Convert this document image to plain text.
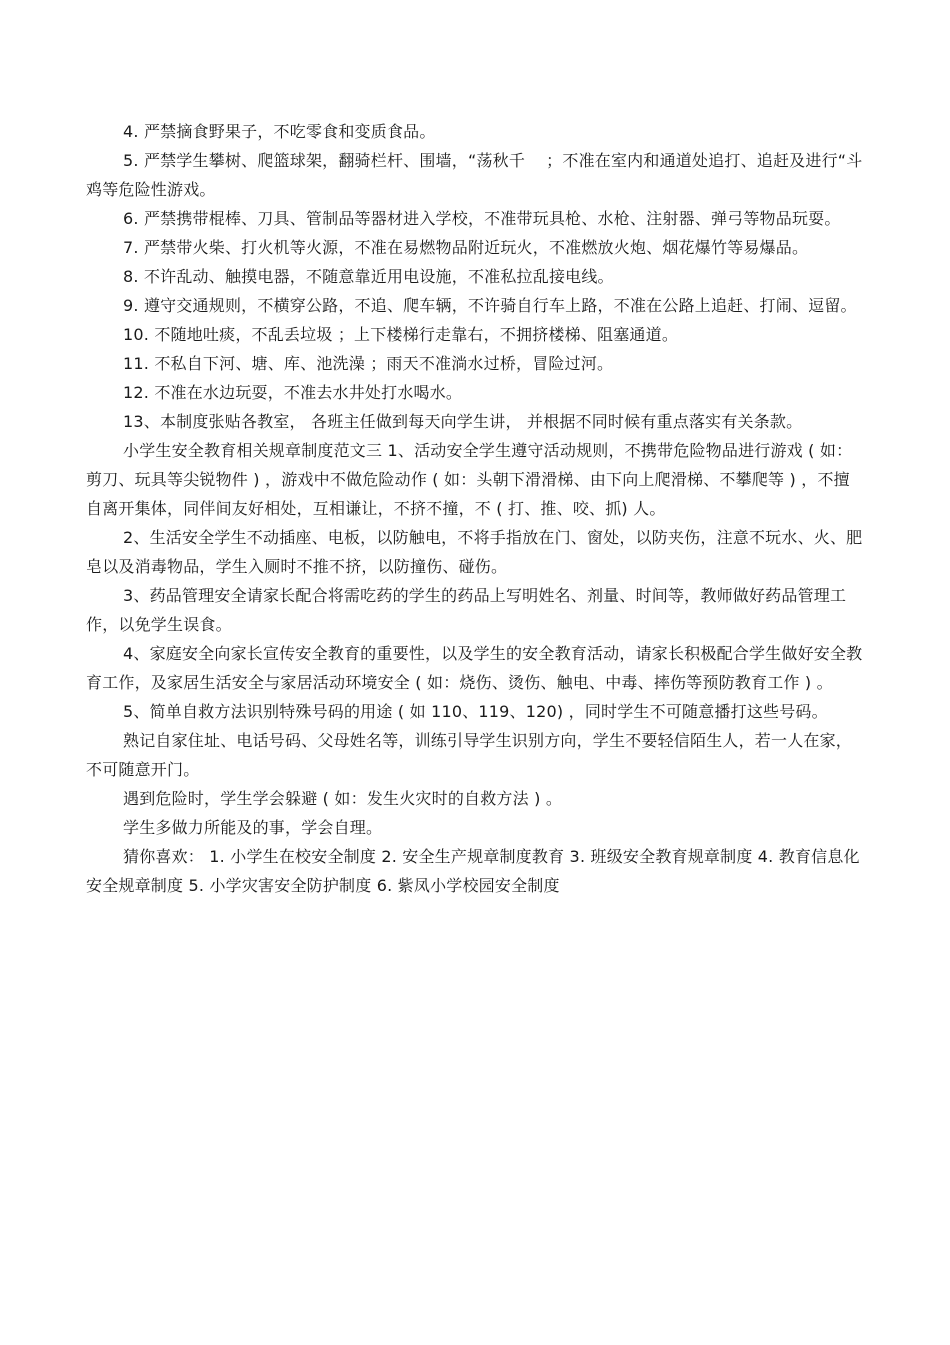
4. 严禁摘食野果子，不吃零食和变质食品。

5. 严禁学生攀树、爬篮球架，翻骑栏杆、围墙，“荡秋千    ；不准在室内和通道处追打、追赶及进行“斗鸡等危险性游戏。

6. 严禁携带棍棒、刀具、管制品等器材进入学校，不准带玩具枪、水枪、注射器、弹弓等物品玩耍。

7. 严禁带火柴、打火机等火源，不准在易燃物品附近玩火，不准燃放火炮、烟花爆竹等易爆品。

8. 不许乱动、触摸电器，不随意靠近用电设施，不准私拉乱接电线。

9. 遵守交通规则，不横穿公路，不追、爬车辆，不许骑自行车上路，不准在公路上追赶、打闹、逗留。

10. 不随地吐痰，不乱丢垃圾 ；上下楼梯行走靠右，不拥挤楼梯、阻塞通道。

11. 不私自下河、塘、库、池洗澡 ；雨天不准淌水过桥，冒险过河。

12. 不准在水边玩耍，不准去水井处打水喝水。

13、本制度张贴各教室， 各班主任做到每天向学生讲， 并根据不同时候有重点落实有关条款。

小学生安全教育相关规章制度范文三 1、活动安全学生遵守活动规则，不携带危险物品进行游戏 ( 如：剪刀、玩具等尖锐物件 ) ，游戏中不做危险动作 ( 如：头朝下滑滑梯、由下向上爬滑梯、不攀爬等 ) ，不擅自离开集体，同伴间友好相处，互相谦让，不挤不撞，不 ( 打、推、咬、抓) 人。

2、生活安全学生不动插座、电板，以防触电，不将手指放在门、窗处，以防夹伤，注意不玩水、火、肥皂以及消毒物品，学生入厕时不推不挤，以防撞伤、碰伤。

3、药品管理安全请家长配合将需吃药的学生的药品上写明姓名、剂量、时间等，教师做好药品管理工作，以免学生误食。

4、家庭安全向家长宣传安全教育的重要性，以及学生的安全教育活动，请家长积极配合学生做好安全教育工作，及家居生活安全与家居活动环境安全 ( 如：烧伤、烫伤、触电、中毒、摔伤等预防教育工作 ) 。

5、简单自救方法识别特殊号码的用途 ( 如 110、119、120) ，同时学生不可随意播打这些号码。

熟记自家住址、电话号码、父母姓名等，训练引导学生识别方向，学生不要轻信陌生人，若一人在家，不可随意开门。

遇到危险时，学生学会躲避 ( 如：发生火灾时的自救方法 ) 。

学生多做力所能及的事，学会自理。

猜你喜欢： 1. 小学生在校安全制度 2. 安全生产规章制度教育 3. 班级安全教育规章制度 4. 教育信息化安全规章制度 5. 小学灾害安全防护制度 6. 紫凤小学校园安全制度
